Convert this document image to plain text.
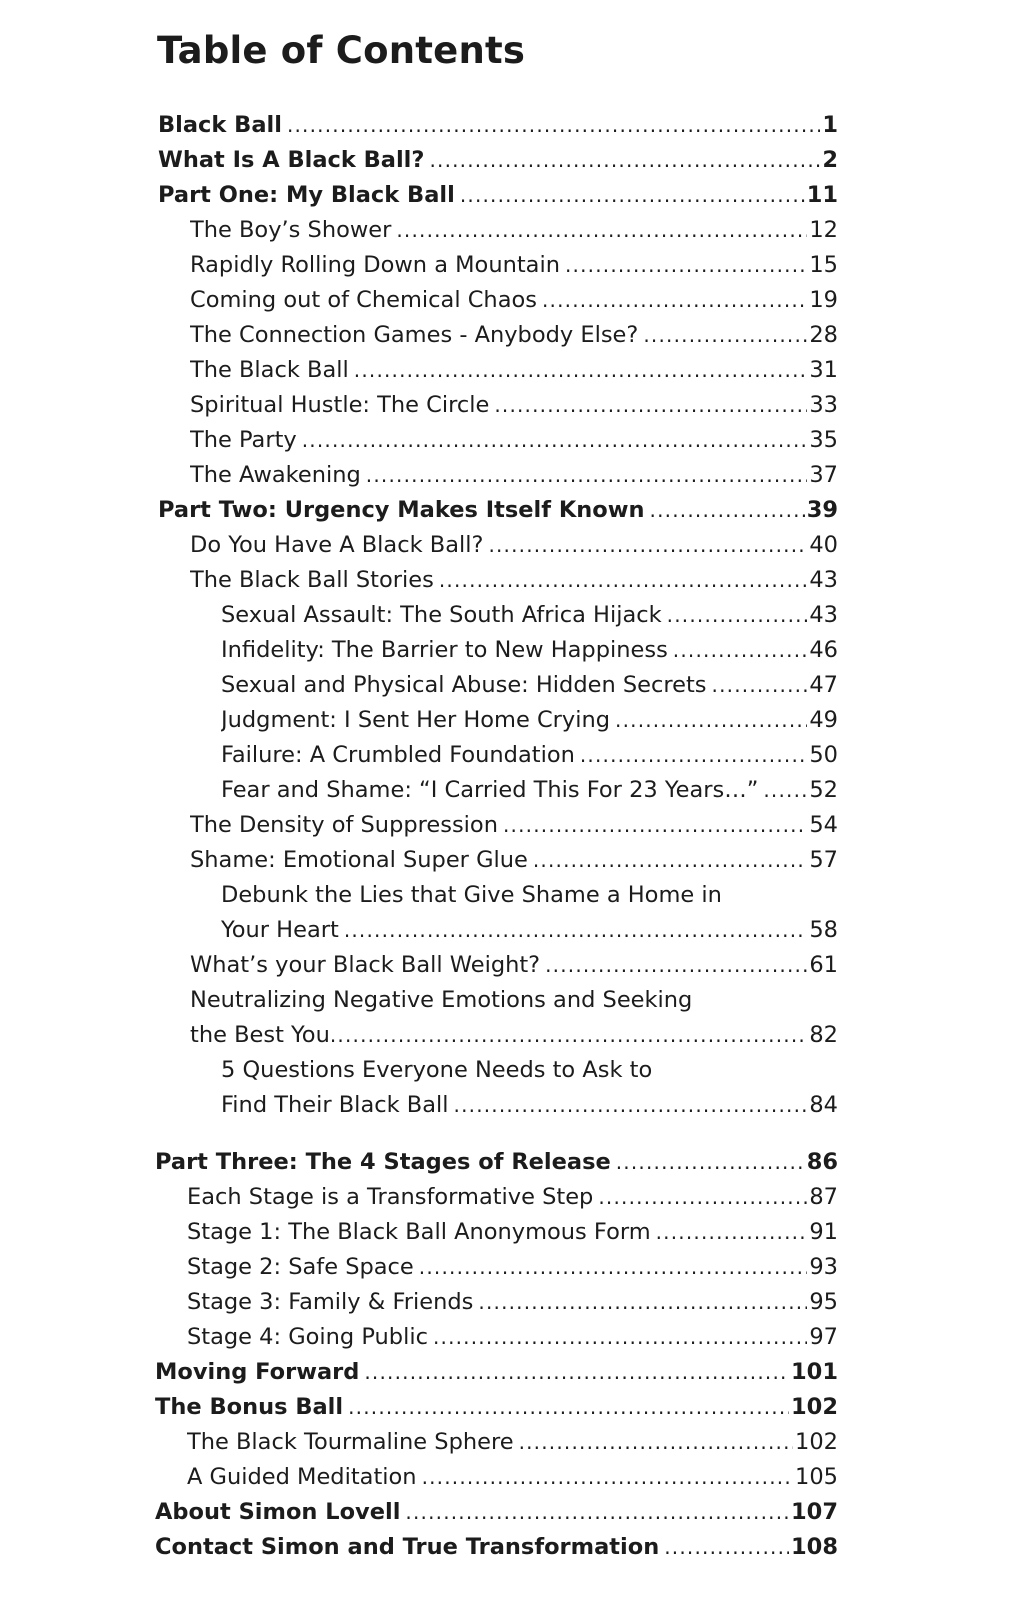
Table of Contents
Black Ball .....	1
What Is A Black Ball? .....	2
Part One: My Black Ball .....	11
The Boy’s Shower .....	12
Rapidly Rolling Down a Mountain .....	15
Coming out of Chemical Chaos .....	19
The Connection Games - Anybody Else? .....	28
The Black Ball .....	31
Spiritual Hustle: The Circle .....	33
The Party .....	35
The Awakening .....	37
Part Two: Urgency Makes Itself Known .....	39
Do You Have A Black Ball? .....	40
The Black Ball Stories .....	43
Sexual Assault: The South Africa Hijack .....	43
Infidelity: The Barrier to New Happiness .....	46
Sexual and Physical Abuse: Hidden Secrets .....	47
Judgment: I Sent Her Home Crying .....	49
Failure: A Crumbled Foundation .....	50
Fear and Shame: “I Carried This For 23 Years…” ..... 52
The Density of Suppression .....	54
Shame: Emotional Super Glue .....	57
Debunk the Lies that Give Shame a Home in
Your Heart .....	58
What’s your Black Ball Weight? .....	61
Neutralizing Negative Emotions and Seeking
the Best You .....	82
5 Questions Everyone Needs to Ask to
Find Their Black Ball .....	84
Part Three: The 4 Stages of Release .....	86
Each Stage is a Transformative Step .....	87
Stage 1: The Black Ball Anonymous Form .....	91
Stage 2: Safe Space .....	93
Stage 3: Family & Friends .....	95
Stage 4: Going Public .....	97
Moving Forward .....	101
The Bonus Ball .....	102
The Black Tourmaline Sphere .....	102
A Guided Meditation .....	105
About Simon Lovell .....	107
Contact Simon and True Transformation .....	108
